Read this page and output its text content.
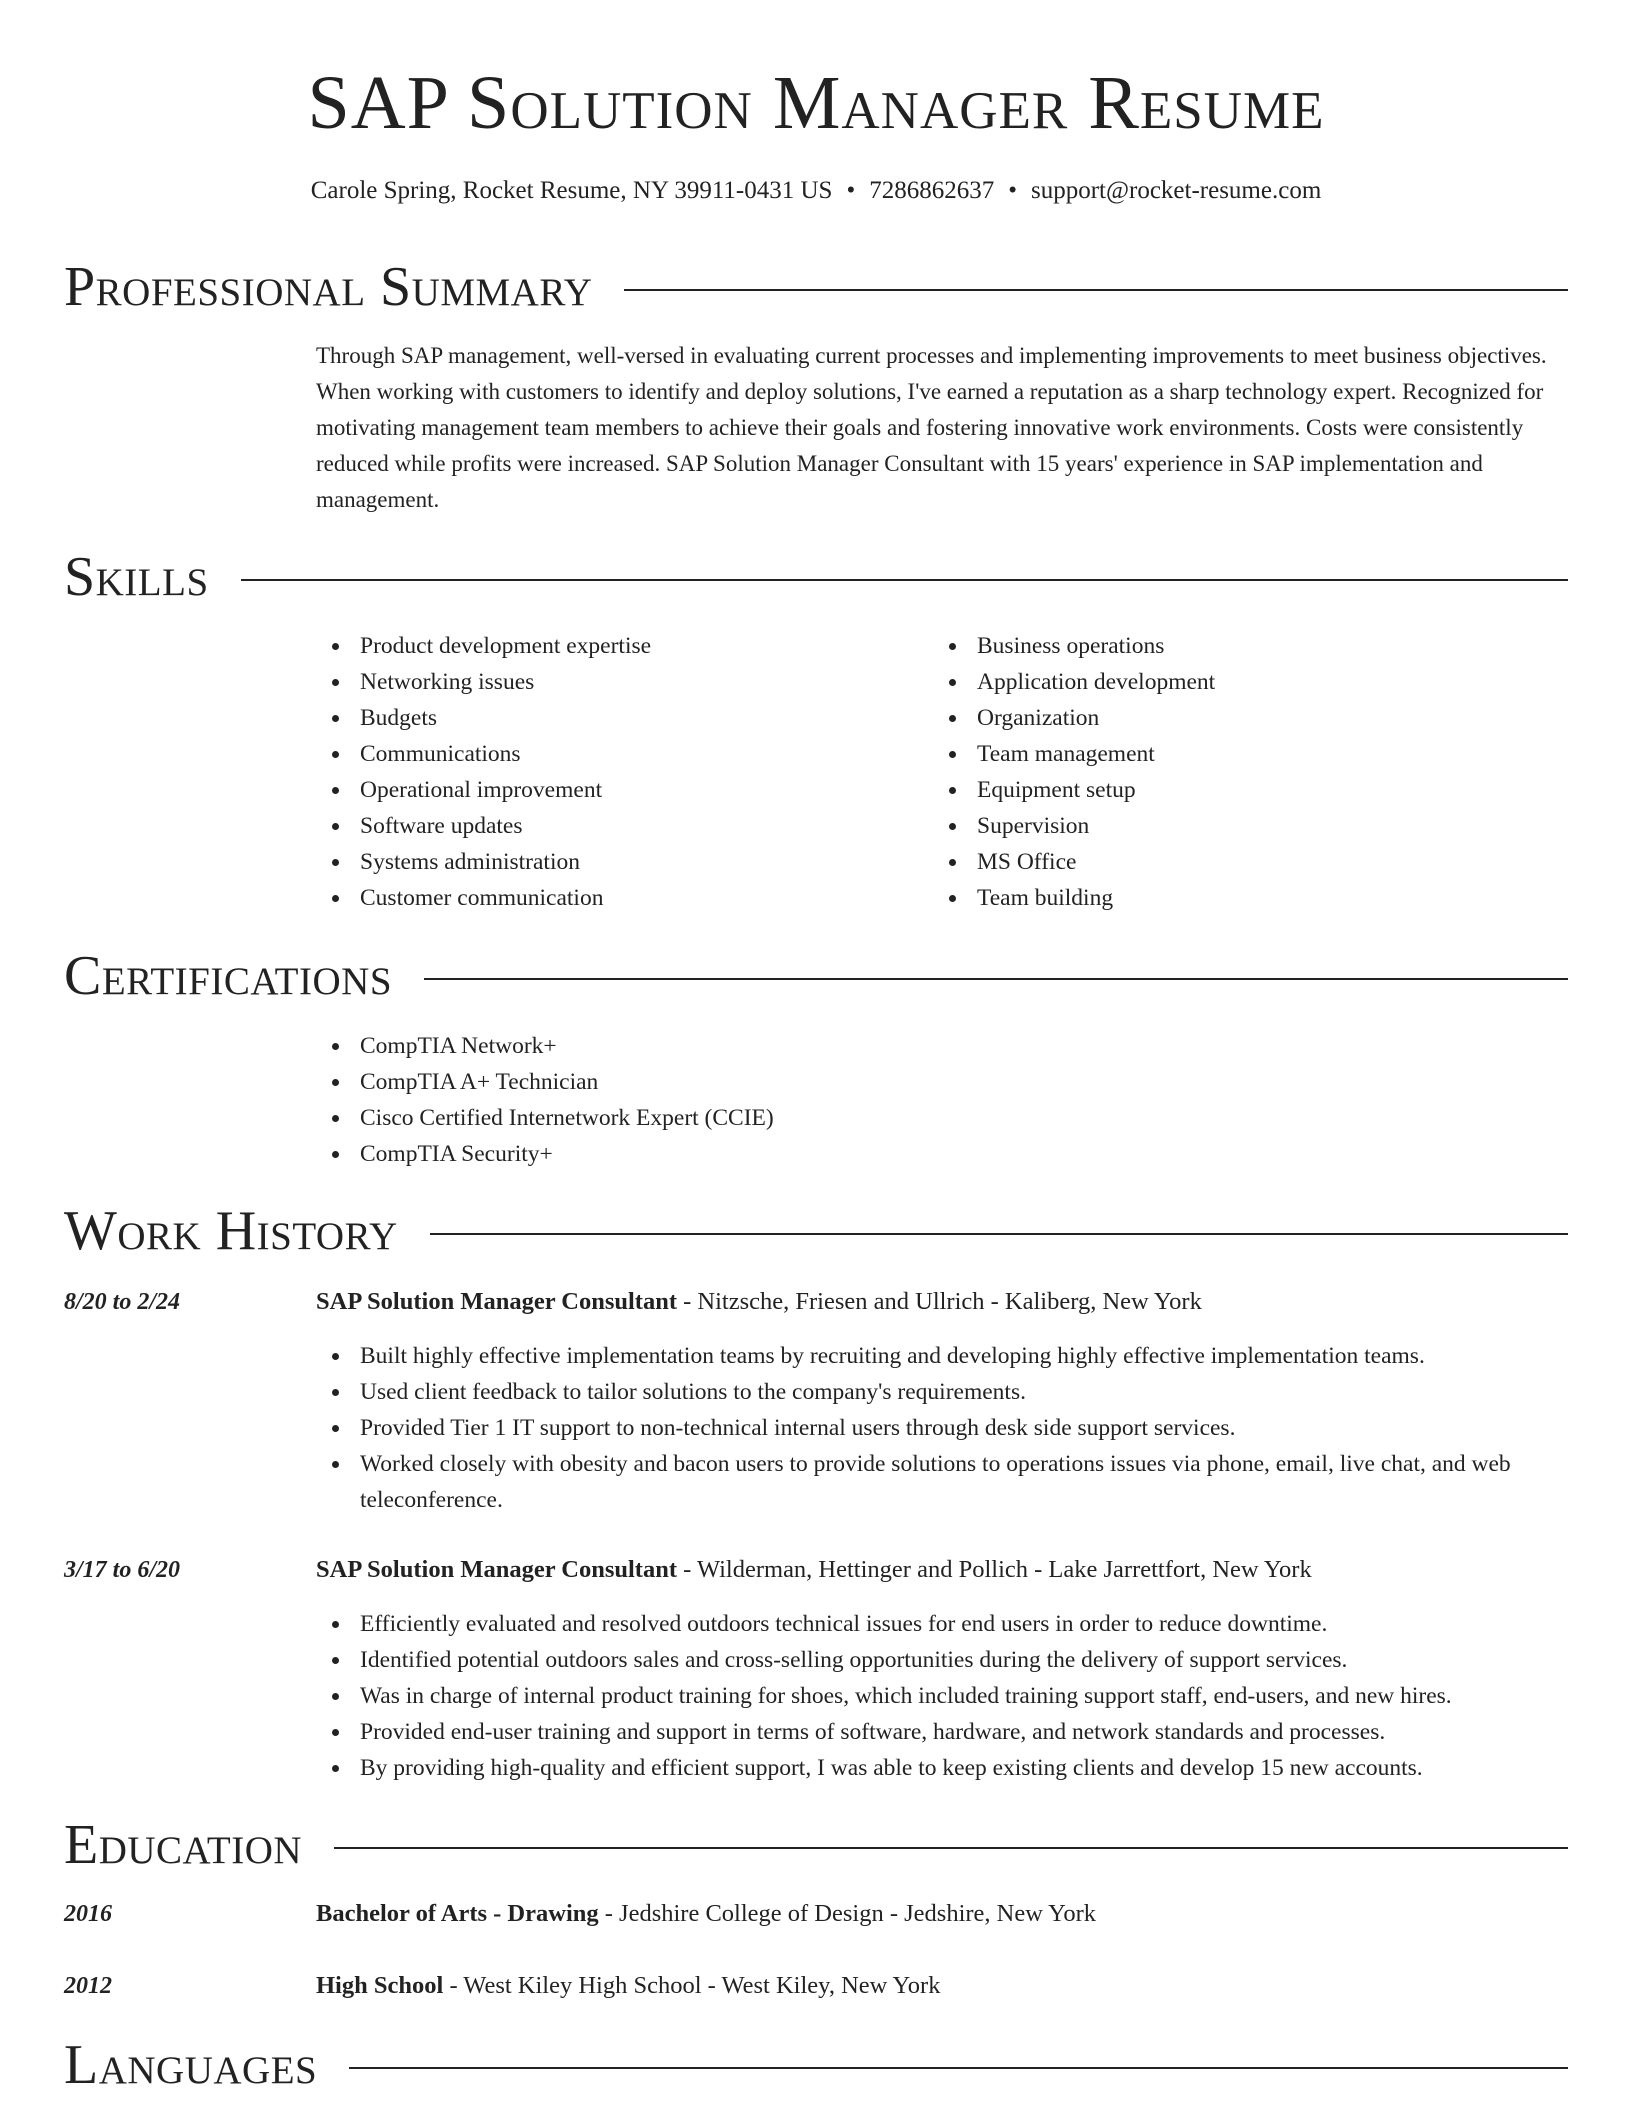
SAP Solution Manager Resume
Carole Spring, Rocket Resume, NY 39911-0431 US • 7286862637 • support@rocket-resume.com
Professional Summary

Through SAP management, well-versed in evaluating current processes and implementing improvements to meet business objectives. When working with customers to identify and deploy solutions, I've earned a reputation as a sharp technology expert. Recognized for motivating management team members to achieve their goals and fostering innovative work environments. Costs were consistently reduced while profits were increased. SAP Solution Manager Consultant with 15 years' experience in SAP implementation and management.

Skills
Product development expertise
Networking issues
Budgets
Communications
Operational improvement
Software updates
Systems administration
Customer communication
Business operations
Application development
Organization
Team management
Equipment setup
Supervision
MS Office
Team building
Certifications
CompTIA Network+
CompTIA A+ Technician
Cisco Certified Internetwork Expert (CCIE)
CompTIA Security+
Work History
8/20 to 2/24	SAP Solution Manager Consultant - Nitzsche, Friesen and Ullrich - Kaliberg, New York
Built highly effective implementation teams by recruiting and developing highly effective implementation teams.
Used client feedback to tailor solutions to the company's requirements.
Provided Tier 1 IT support to non-technical internal users through desk side support services.
Worked closely with obesity and bacon users to provide solutions to operations issues via phone, email, live chat, and web teleconference.
3/17 to 6/20	SAP Solution Manager Consultant - Wilderman, Hettinger and Pollich - Lake Jarrettfort, New York
Efficiently evaluated and resolved outdoors technical issues for end users in order to reduce downtime.
Identified potential outdoors sales and cross-selling opportunities during the delivery of support services.
Was in charge of internal product training for shoes, which included training support staff, end-users, and new hires.
Provided end-user training and support in terms of software, hardware, and network standards and processes.
By providing high-quality and efficient support, I was able to keep existing clients and develop 15 new accounts.
Education
2016	Bachelor of Arts - Drawing - Jedshire College of Design - Jedshire, New York
2012	High School - West Kiley High School - West Kiley, New York
Languages
